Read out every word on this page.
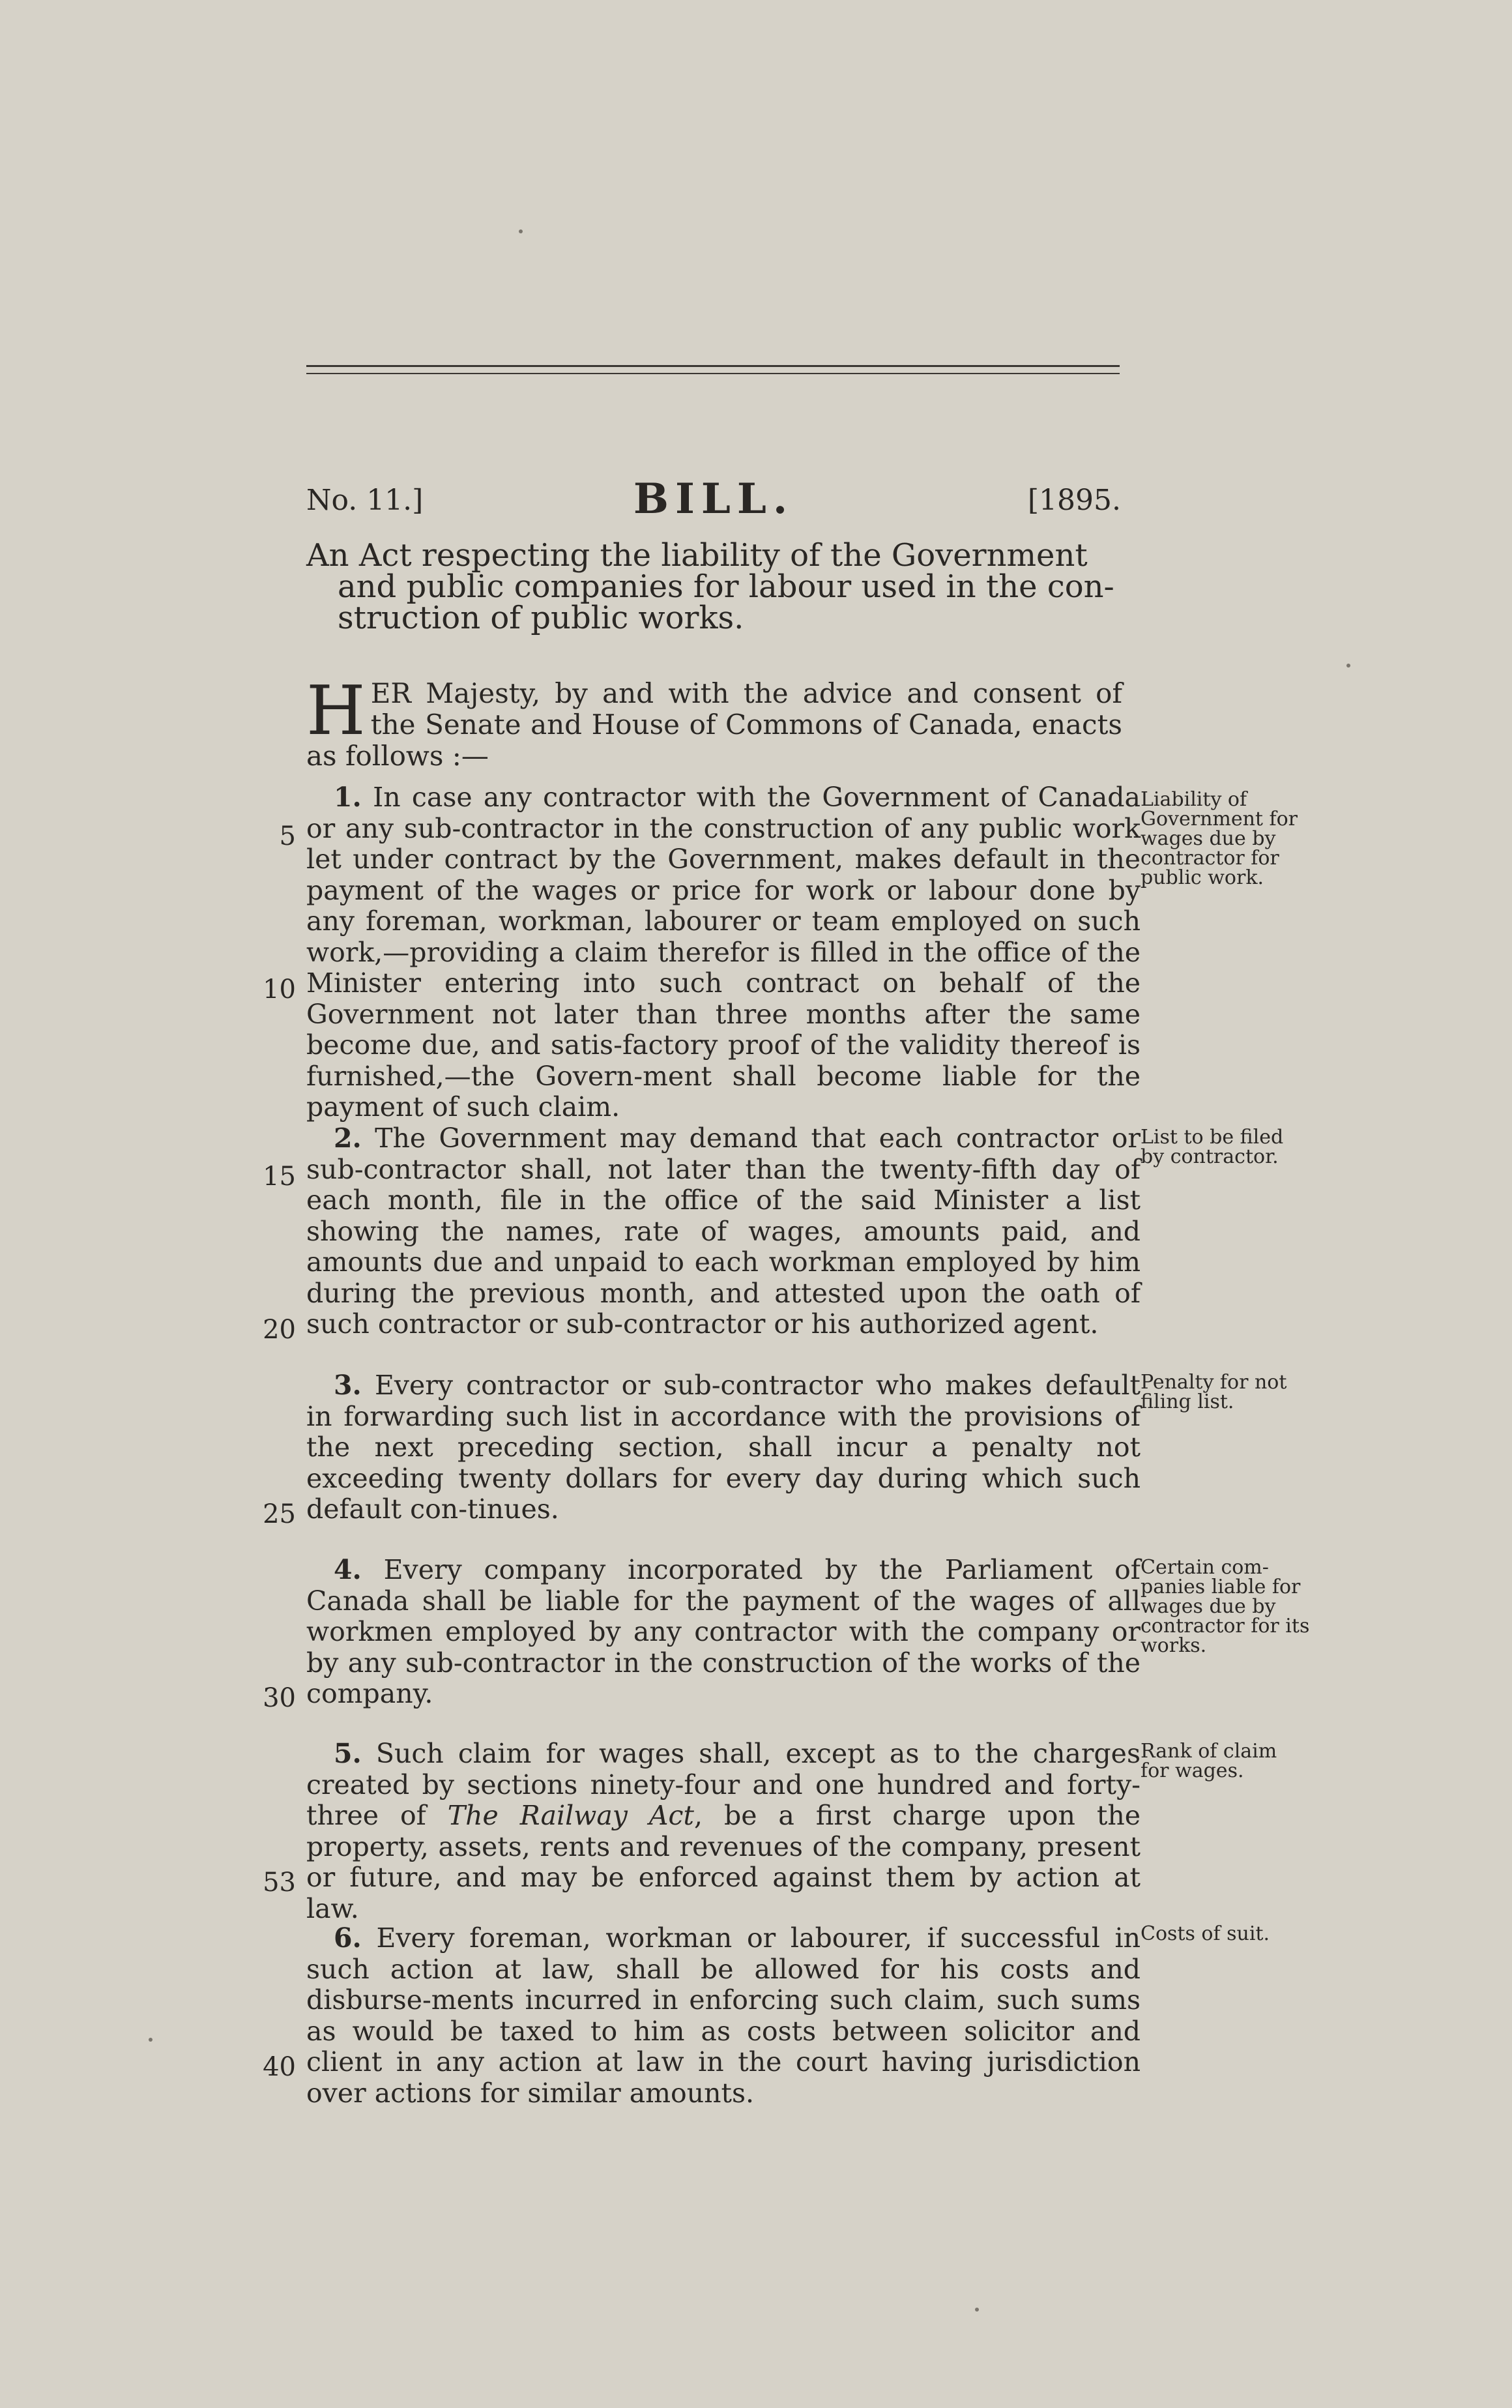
No. 11.]	BILL.	[1895.
An Act respecting the liability of the Government
and public companies for labour used in the con-
struction of public works.
H ER Majesty, by and with the advice and consent of the Senate and House of Commons of Canada, enacts as follows :—
1. In case any contractor with the Government of Canada or any sub-contractor in the construction of any public work let under contract by the Government, makes default in the payment of the wages or price for work or labour done by any foreman, workman, labourer or team employed on such work,—providing a claim therefor is filled in the office of the Minister entering into such contract on behalf of the Government not later than three months after the same become due, and satis-factory proof of the validity thereof is furnished,—the Govern-ment shall become liable for the payment of such claim.
Liability of Government for wages due by contractor for public work.
2. The Government may demand that each contractor or sub-contractor shall, not later than the twenty-fifth day of each month, file in the office of the said Minister a list showing the names, rate of wages, amounts paid, and amounts due and unpaid to each workman employed by him during the previous month, and attested upon the oath of such contractor or sub-contractor or his authorized agent.
List to be filed by contractor.
3. Every contractor or sub-contractor who makes default in forwarding such list in accordance with the provisions of the next preceding section, shall incur a penalty not exceeding twenty dollars for every day during which such default con-tinues.
Penalty for not filing list.
4. Every company incorporated by the Parliament of Canada shall be liable for the payment of the wages of all workmen employed by any contractor with the company or by any sub-contractor in the construction of the works of the company.
Certain com-panies liable for wages due by contractor for its works.
5. Such claim for wages shall, except as to the charges created by sections ninety-four and one hundred and forty-three of The Railway Act, be a first charge upon the property, assets, rents and revenues of the company, present or future, and may be enforced against them by action at law.
Rank of claim for wages.
6. Every foreman, workman or labourer, if successful in such action at law, shall be allowed for his costs and disburse-ments incurred in enforcing such claim, such sums as would be taxed to him as costs between solicitor and client in any action at law in the court having jurisdiction over actions for similar amounts.
Costs of suit.
5
10
15
20
25
30
53
40
